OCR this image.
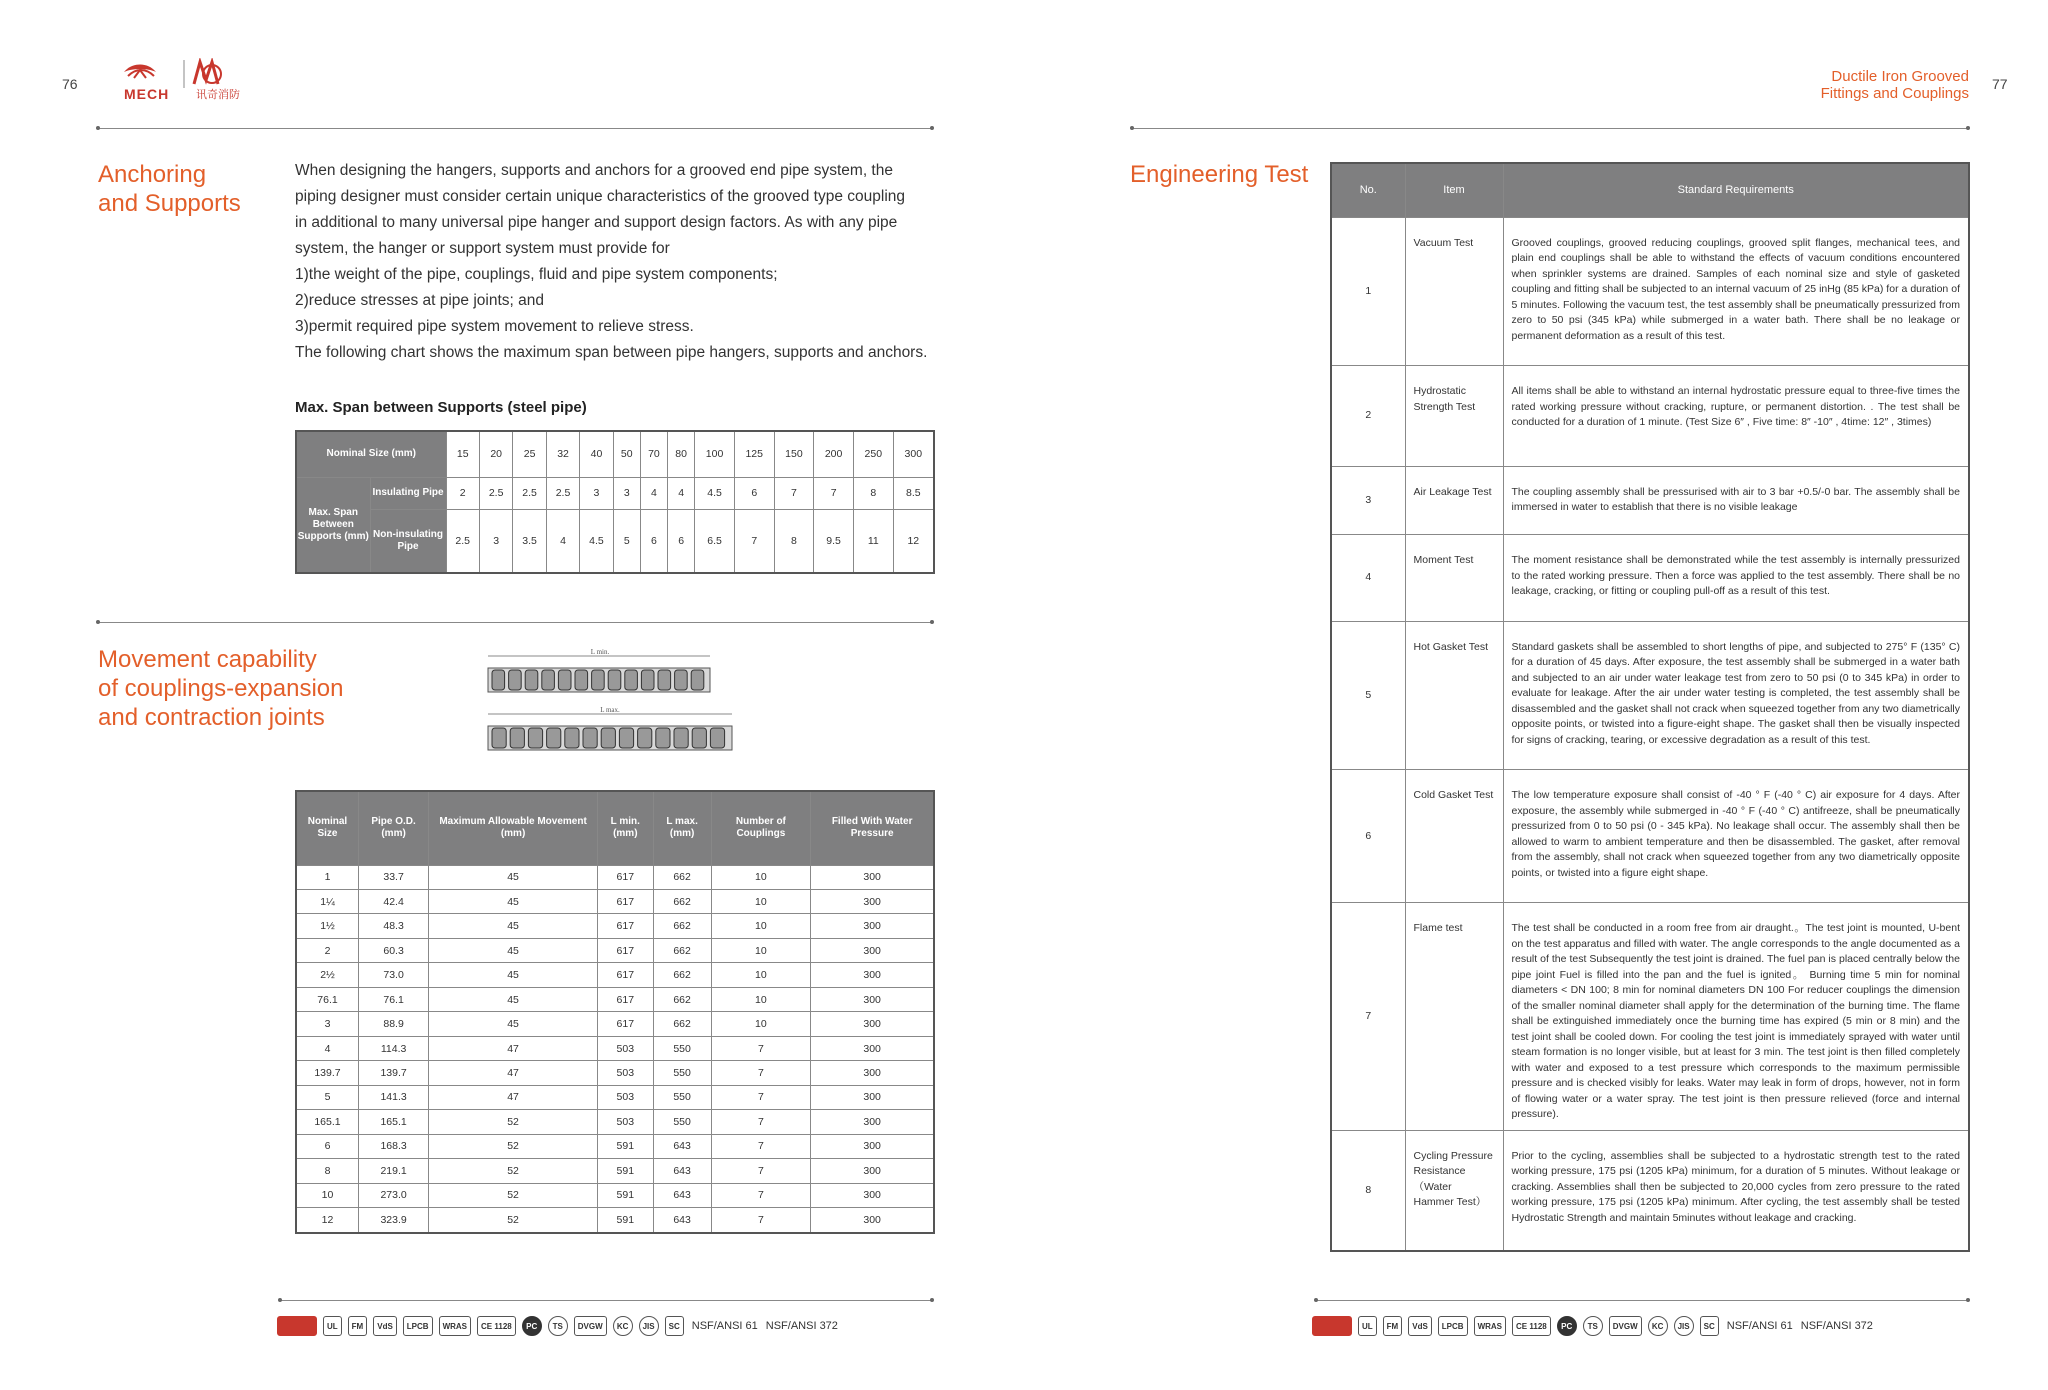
76
MECH 讯奇消防
Anchoring
and Supports

When designing the hangers, supports and anchors for a grooved end pipe system, the

piping designer must consider certain unique characteristics of the grooved type coupling

in additional to many universal pipe hanger and support design factors. As with any pipe

system, the hanger or support system must provide for

1)the weight of the pipe, couplings, fluid and pipe system components;

2)reduce stresses at pipe joints; and

3)permit required pipe system movement to relieve stress.

The following chart shows the maximum span between pipe hangers, supports and anchors.

Max. Span between Supports (steel pipe)
Nominal Size (mm)		15	20	25	32	40	50	70	80	100	125	150	200	250	300
Max. Span Between Supports (mm)	Insulating Pipe	2	2.5	2.5	2.5	3	3	4	4	4.5	6	7	7	8	8.5
	Non-insulating Pipe	2.5	3	3.5	4	4.5	5	6	6	6.5	7	8	9.5	11	12
Movement capability
of couplings-expansion
and contraction joints
L min.
L max.
Nominal Size	Pipe O.D. (mm)	Maximum Allowable Movement (mm)	L min. (mm)	L max. (mm)	Number of Couplings	Filled With Water Pressure
1	33.7	45	617	662	10	300
1¼	42.4	45	617	662	10	300
1½	48.3	45	617	662	10	300
2	60.3	45	617	662	10	300
2½	73.0	45	617	662	10	300
76.1	76.1	45	617	662	10	300
3	88.9	45	617	662	10	300
4	114.3	47	503	550	7	300
139.7	139.7	47	503	550	7	300
5	141.3	47	503	550	7	300
165.1	165.1	52	503	550	7	300
6	168.3	52	591	643	7	300
8	219.1	52	591	643	7	300
10	273.0	52	591	643	7	300
12	323.9	52	591	643	7	300
UL	FM	VdS	LPCB	WRAS	CE 1128	PC	TS	DVGW	KC	JIS	SC	NSF/ANSI 61 NSF/ANSI 372
Ductile Iron Grooved
Fittings and Couplings
77
Engineering Test
No.	Item	Standard Requirements
1	Vacuum Test	Grooved couplings, grooved reducing couplings, grooved split flanges, mechanical tees, and plain end couplings shall be able to withstand the effects of vacuum conditions encountered when sprinkler systems are drained. Samples of each nominal size and style of gasketed coupling and fitting shall be subjected to an internal vacuum of 25 inHg (85 kPa) for a duration of 5 minutes. Following the vacuum test, the test assembly shall be pneumatically pressurized from zero to 50 psi (345 kPa) while submerged in a water bath. There shall be no leakage or permanent deformation as a result of this test.
2	Hydrostatic Strength Test	All items shall be able to withstand an internal hydrostatic pressure equal to three-five times the rated working pressure without cracking, rupture, or permanent distortion. . The test shall be conducted for a duration of 1 minute. (Test Size 6″ , Five time: 8″ -10″ , 4time: 12″ , 3times)
3	Air Leakage Test	The coupling assembly shall be pressurised with air to 3 bar +0.5/-0 bar. The assembly shall be immersed in water to establish that there is no visible leakage
4	Moment Test	The moment resistance shall be demonstrated while the test assembly is internally pressurized to the rated working pressure. Then a force was applied to the test assembly. There shall be no leakage, cracking, or fitting or coupling pull-off as a result of this test.
5	Hot Gasket Test	Standard gaskets shall be assembled to short lengths of pipe, and subjected to 275° F (135° C) for a duration of 45 days. After exposure, the test assembly shall be submerged in a water bath and subjected to an air under water leakage test from zero to 50 psi (0 to 345 kPa) in order to evaluate for leakage. After the air under water testing is completed, the test assembly shall be disassembled and the gasket shall not crack when squeezed together from any two diametrically opposite points, or twisted into a figure-eight shape. The gasket shall then be visually inspected for signs of cracking, tearing, or excessive degradation as a result of this test.
6	Cold Gasket Test	The low temperature exposure shall consist of -40 ° F (-40 ° C) air exposure for 4 days. After exposure, the assembly while submerged in -40 ° F (-40 ° C) antifreeze, shall be pneumatically pressurized from 0 to 50 psi (0 - 345 kPa). No leakage shall occur. The assembly shall then be allowed to warm to ambient temperature and then be disassembled. The gasket, after removal from the assembly, shall not crack when squeezed together from any two diametrically opposite points, or twisted into a figure eight shape.
7	Flame test	The test shall be conducted in a room free from air draught.。The test joint is mounted, U-bent on the test apparatus and filled with water. The angle corresponds to the angle documented as a result of the test Subsequently the test joint is drained. The fuel pan is placed centrally below the pipe joint Fuel is filled into the pan and the fuel is ignited。 Burning time 5 min for nominal diameters < DN 100; 8 min for nominal diameters DN 100 For reducer couplings the dimension of the smaller nominal diameter shall apply for the determination of the burning time. The flame shall be extinguished immediately once the burning time has expired (5 min or 8 min) and the test joint shall be cooled down. For cooling the test joint is immediately sprayed with water until steam formation is no longer visible, but at least for 3 min. The test joint is then filled completely with water and exposed to a test pressure which corresponds to the maximum permissible pressure and is checked visibly for leaks. Water may leak in form of drops, however, not in form of flowing water or a water spray. The test joint is then pressure relieved (force and internal pressure).
8	Cycling Pressure Resistance （Water Hammer Test）	Prior to the cycling, assemblies shall be subjected to a hydrostatic strength test to the rated working pressure, 175 psi (1205 kPa) minimum, for a duration of 5 minutes. Without leakage or cracking. Assemblies shall then be subjected to 20,000 cycles from zero pressure to the rated working pressure, 175 psi (1205 kPa) minimum. After cycling, the test assembly shall be tested Hydrostatic Strength and maintain 5minutes without leakage and cracking.
UL	FM	VdS	LPCB	WRAS	CE 1128	PC	TS	DVGW	KC	JIS	SC	NSF/ANSI 61 NSF/ANSI 372
